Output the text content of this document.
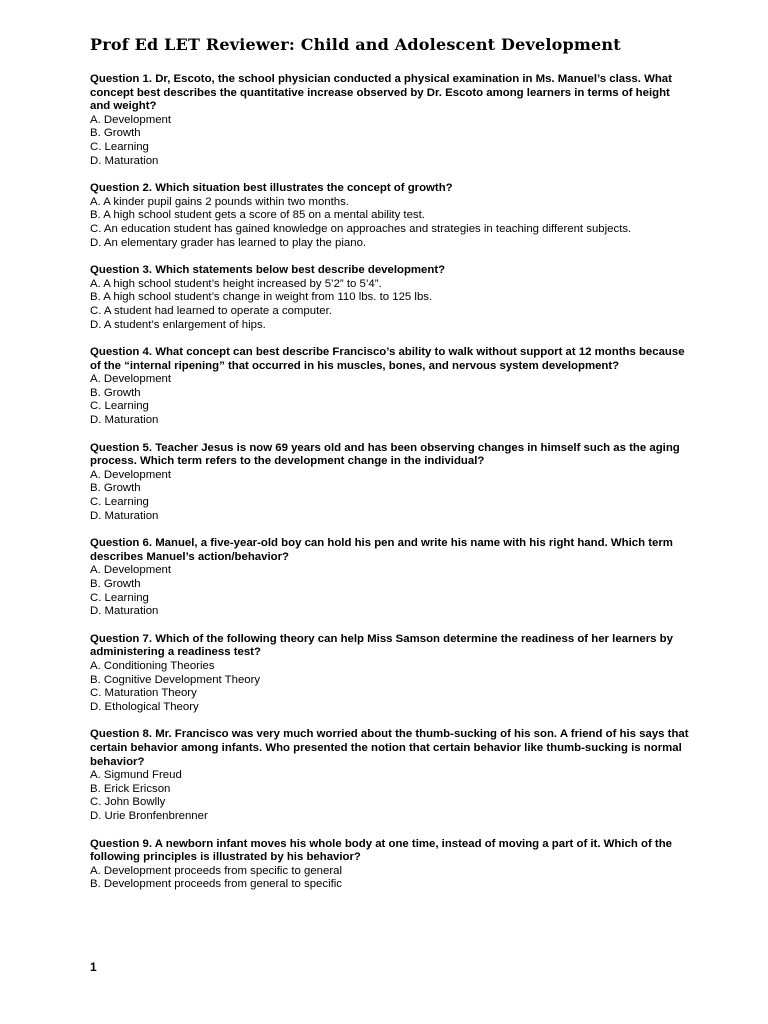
Prof Ed LET Reviewer: Child and Adolescent Development

Question 1. Dr, Escoto, the school physician conducted a physical examination in Ms. Manuel’s class. What concept best describes the quantitative increase observed by Dr. Escoto among learners in terms of height and weight?

A. Development
B. Growth
C. Learning
D. Maturation

Question 2. Which situation best illustrates the concept of growth?

A. A kinder pupil gains 2 pounds within two months.
B. A high school student gets a score of 85 on a mental ability test.
C. An education student has gained knowledge on approaches and strategies in teaching different subjects.
D. An elementary grader has learned to play the piano.

Question 3. Which statements below best describe development?

A. A high school student’s height increased by 5’2” to 5’4”.
B. A high school student’s change in weight from 110 lbs. to 125 lbs.
C. A student had learned to operate a computer.
D. A student’s enlargement of hips.

Question 4. What concept can best describe Francisco’s ability to walk without support at 12 months because of the “internal ripening” that occurred in his muscles, bones, and nervous system development?

A. Development
B. Growth
C. Learning
D. Maturation

Question 5. Teacher Jesus is now 69 years old and has been observing changes in himself such as the aging process. Which term refers to the development change in the individual?

A. Development
B. Growth
C. Learning
D. Maturation

Question 6. Manuel, a five-year-old boy can hold his pen and write his name with his right hand. Which term describes Manuel’s action/behavior?

A. Development
B. Growth
C. Learning
D. Maturation

Question 7. Which of the following theory can help Miss Samson determine the readiness of her learners by administering a readiness test?

A. Conditioning Theories
B. Cognitive Development Theory
C. Maturation Theory
D. Ethological Theory

Question 8. Mr. Francisco was very much worried about the thumb-sucking of his son. A friend of his says that certain behavior among infants. Who presented the notion that certain behavior like thumb-sucking is normal behavior?

A. Sigmund Freud
B. Erick Ericson
C. John Bowlly
D. Urie Bronfenbrenner

Question 9. A newborn infant moves his whole body at one time, instead of moving a part of it. Which of the following principles is illustrated by his behavior?

A. Development proceeds from specific to general
B. Development proceeds from general to specific
1
